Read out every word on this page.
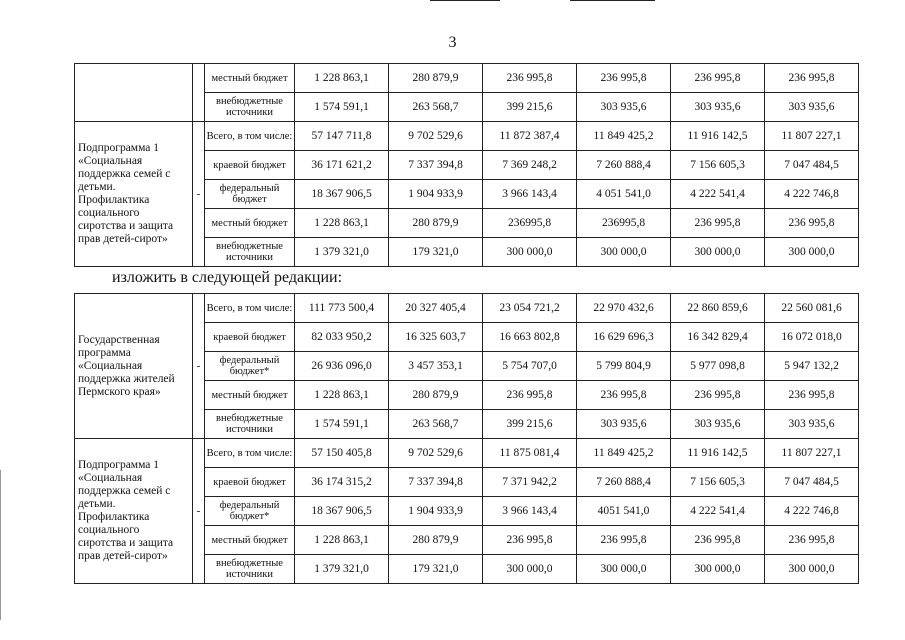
3
		местный бюджет	1 228 863,1	280 879,9	236 995,8	236 995,8	236 995,8	236 995,8
		внебюджетные источники	1 574 591,1	263 568,7	399 215,6	303 935,6	303 935,6	303 935,6
Подпрограмма 1 «Социальная поддержка семей с детьми. Профилактика социального сиротства и защита прав детей-сирот»	-	Всего, в том числе:	57 147 711,8	9 702 529,6	11 872 387,4	11 849 425,2	11 916 142,5	11 807 227,1
		краевой бюджет	36 171 621,2	7 337 394,8	7 369 248,2	7 260 888,4	7 156 605,3	7 047 484,5
		федеральный бюджет	18 367 906,5	1 904 933,9	3 966 143,4	4 051 541,0	4 222 541,4	4 222 746,8
		местный бюджет	1 228 863,1	280 879,9	236995,8	236995,8	236 995,8	236 995,8
		внебюджетные источники	1 379 321,0	179 321,0	300 000,0	300 000,0	300 000,0	300 000,0
изложить в следующей редакции:
Государственная программа «Социальная поддержка жителей Пермского края»	-	Всего, в том числе:	111 773 500,4	20 327 405,4	23 054 721,2	22 970 432,6	22 860 859,6	22 560 081,6
		краевой бюджет	82 033 950,2	16 325 603,7	16 663 802,8	16 629 696,3	16 342 829,4	16 072 018,0
		федеральный бюджет*	26 936 096,0	3 457 353,1	5 754 707,0	5 799 804,9	5 977 098,8	5 947 132,2
		местный бюджет	1 228 863,1	280 879,9	236 995,8	236 995,8	236 995,8	236 995,8
		внебюджетные источники	1 574 591,1	263 568,7	399 215,6	303 935,6	303 935,6	303 935,6
Подпрограмма 1 «Социальная поддержка семей с детьми. Профилактика социального сиротства и защита прав детей-сирот»	-	Всего, в том числе:	57 150 405,8	9 702 529,6	11 875 081,4	11 849 425,2	11 916 142,5	11 807 227,1
		краевой бюджет	36 174 315,2	7 337 394,8	7 371 942,2	7 260 888,4	7 156 605,3	7 047 484,5
		федеральный бюджет*	18 367 906,5	1 904 933,9	3 966 143,4	4051 541,0	4 222 541,4	4 222 746,8
		местный бюджет	1 228 863,1	280 879,9	236 995,8	236 995,8	236 995,8	236 995,8
		внебюджетные источники	1 379 321,0	179 321,0	300 000,0	300 000,0	300 000,0	300 000,0
